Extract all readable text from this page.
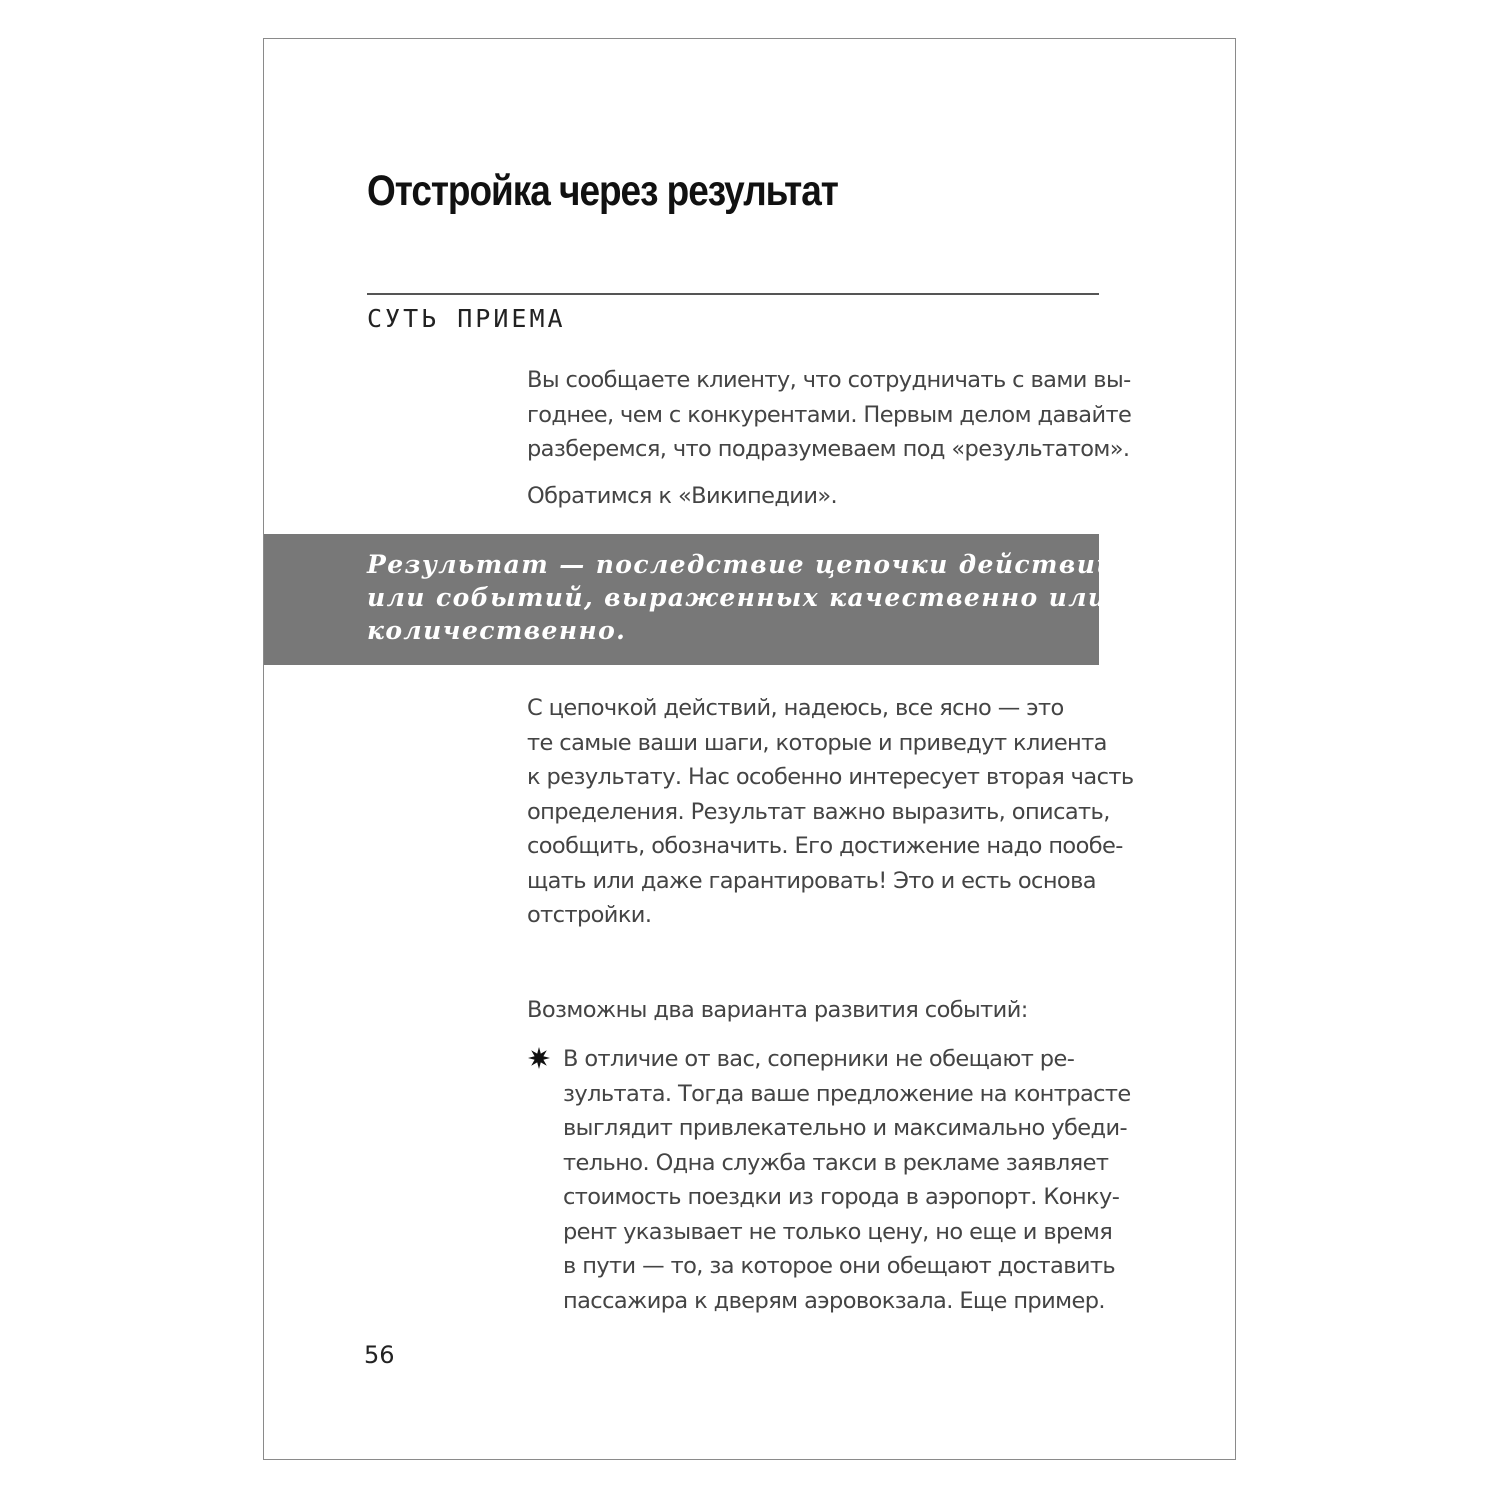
Отстройка через результат
СУТЬ ПРИЕМА

Вы сообщаете клиенту, что сотрудничать с вами вы-
годнее, чем с конкурентами. Первым делом давайте
разберемся, что подразумеваем под «результатом».

Обратимся к «Википедии».

Результат — последствие цепочки действий
или событий, выраженных качественно или
количественно.

С цепочкой действий, надеюсь, все ясно — это
те самые ваши шаги, которые и приведут клиента
к результату. Нас особенно интересует вторая часть
определения. Результат важно выразить, описать,
сообщить, обозначить. Его достижение надо пообе-
щать или даже гарантировать! Это и есть основа
отстройки.

Возможны два варианта развития событий:

В отличие от вас, соперники не обещают ре-
зультата. Тогда ваше предложение на контрасте
выглядит привлекательно и максимально убеди-
тельно. Одна служба такси в рекламе заявляет
стоимость поездки из города в аэропорт. Конку-
рент указывает не только цену, но еще и время
в пути — то, за которое они обещают доставить
пассажира к дверям аэровокзала. Еще пример.
56
